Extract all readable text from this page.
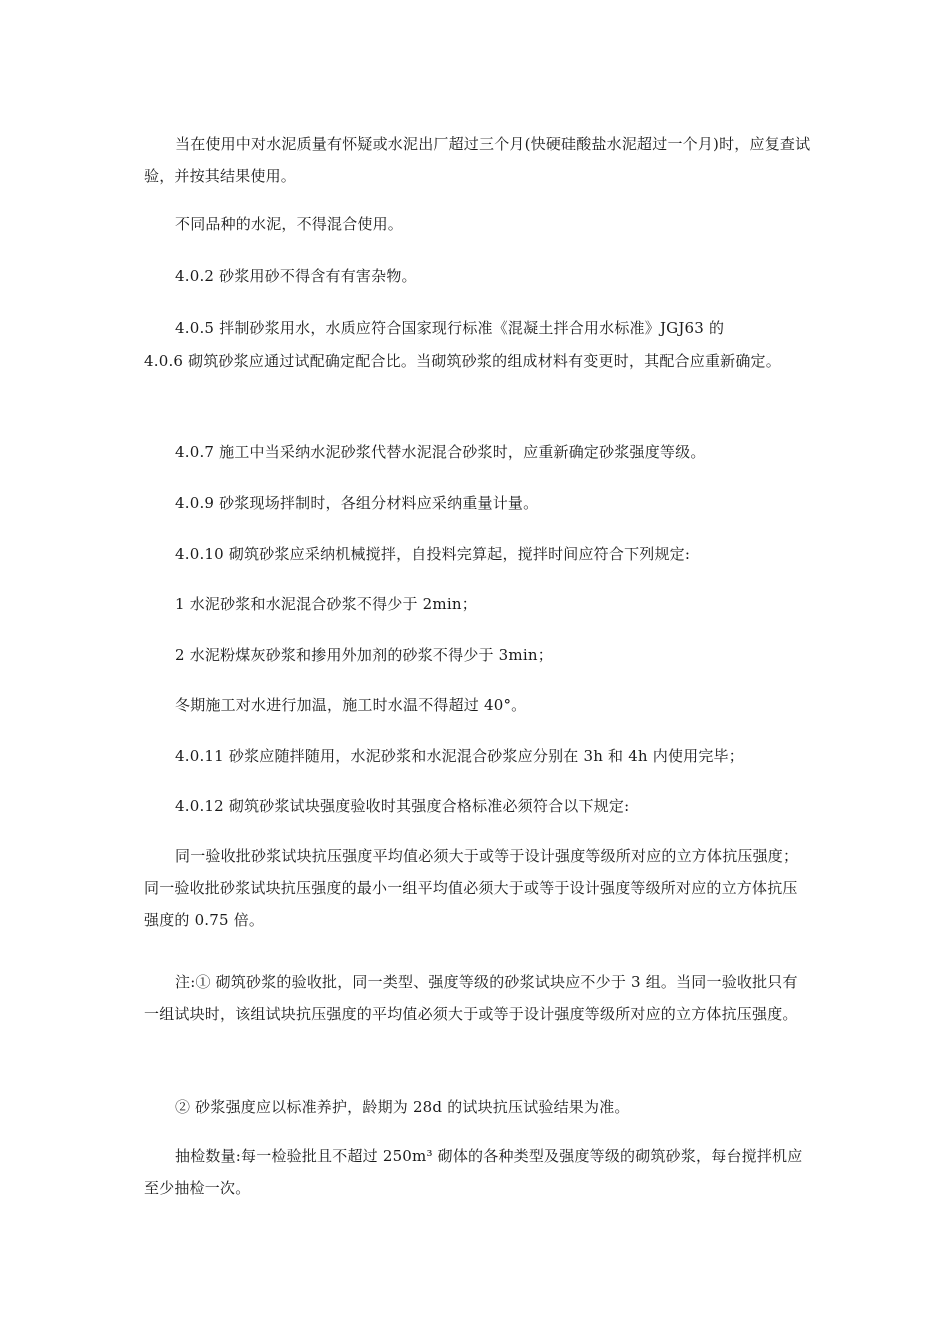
当在使用中对水泥质量有怀疑或水泥出厂超过三个月(快硬硅酸盐水泥超过一个月)时，应复查试验，并按其结果使用。

不同品种的水泥，不得混合使用。

4.0.2 砂浆用砂不得含有有害杂物。

4.0.5 拌制砂浆用水，水质应符合国家现行标准《混凝土拌合用水标准》JGJ63 的

4.0.6 砌筑砂浆应通过试配确定配合比。当砌筑砂浆的组成材料有变更时，其配合应重新确定。

4.0.7 施工中当采纳水泥砂浆代替水泥混合砂浆时，应重新确定砂浆强度等级。

4.0.9 砂浆现场拌制时，各组分材料应采纳重量计量。

4.0.10 砌筑砂浆应采纳机械搅拌，自投料完算起，搅拌时间应符合下列规定:

1 水泥砂浆和水泥混合砂浆不得少于 2min；

2 水泥粉煤灰砂浆和掺用外加剂的砂浆不得少于 3min；

冬期施工对水进行加温，施工时水温不得超过 40°。

4.0.11 砂浆应随拌随用，水泥砂浆和水泥混合砂浆应分别在 3h 和 4h 内使用完毕；

4.0.12 砌筑砂浆试块强度验收时其强度合格标准必须符合以下规定:

同一验收批砂浆试块抗压强度平均值必须大于或等于设计强度等级所对应的立方体抗压强度；同一验收批砂浆试块抗压强度的最小一组平均值必须大于或等于设计强度等级所对应的立方体抗压强度的 0.75 倍。

注:① 砌筑砂浆的验收批，同一类型、强度等级的砂浆试块应不少于 3 组。当同一验收批只有一组试块时，该组试块抗压强度的平均值必须大于或等于设计强度等级所对应的立方体抗压强度。

② 砂浆强度应以标准养护，龄期为 28d 的试块抗压试验结果为准。

抽检数量:每一检验批且不超过 250m³ 砌体的各种类型及强度等级的砌筑砂浆，每台搅拌机应至少抽检一次。
